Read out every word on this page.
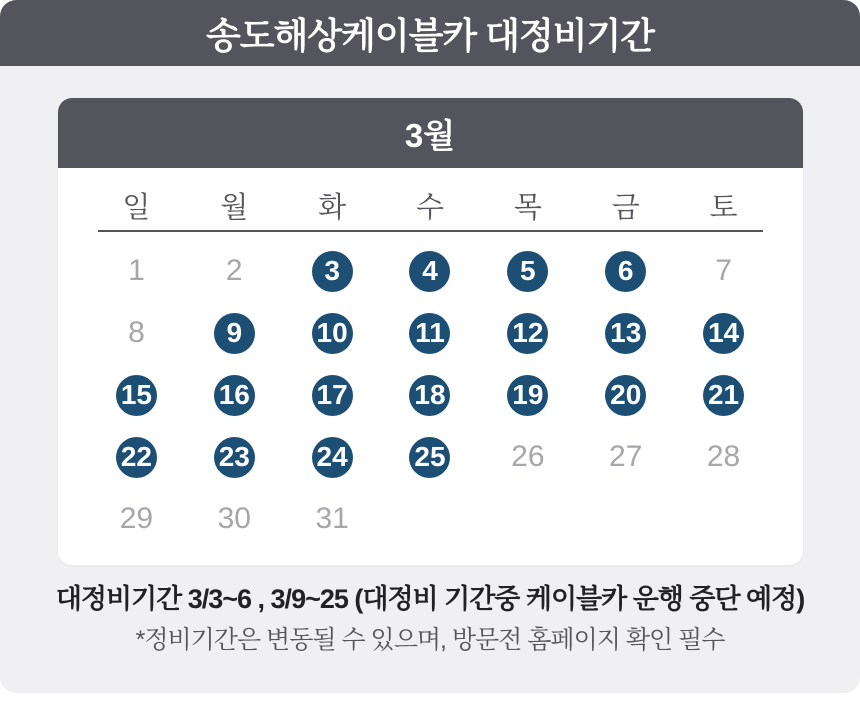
송도해상케이블카 대정비기간
3월
일	월	화	수	목	금	토
1	2	3	4	5	6	7
8	9	10 11 12 13 14
15 16 17 18 19 20 21
22 23 24 25 26 27 28
29 30 31
대정비기간 3/3~6 , 3/9~25 (대정비 기간중 케이블카 운행 중단 예정)
*정비기간은 변동될 수 있으며, 방문전 홈페이지 확인 필수
